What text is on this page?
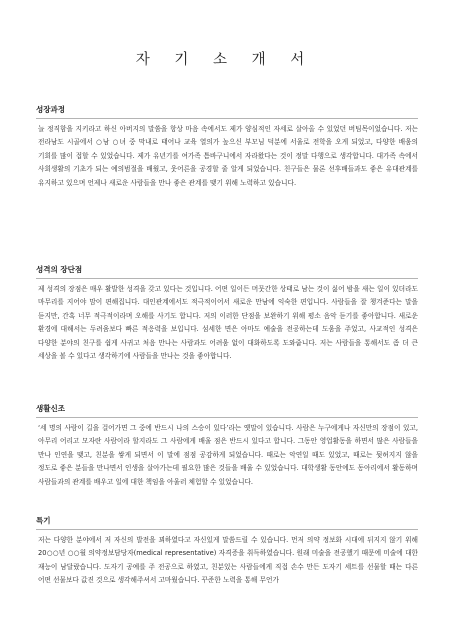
자 기 소 개 서
성장과정

늘 정직함을 지키라고 하신 아버지의 말씀을 항상 마음 속에서도 제가 양심적인 자세로 살아올 수 있었던 버팀목이었습니다. 저는 전라남도 시골에서 ○남 ○녀 중 막내로 태어나 교육 열의가 높으신 부모님 덕분에 서울로 전학을 오게 되었고, 다양한 배움의 기회를 많이 접할 수 있었습니다. 제가 유년기를 여가족 틈바구니에서 자라왔다는 것이 정말 다행으로 생각합니다. 대가족 속에서 사회생활의 기초가 되는 예의범절을 배웠고, 웃어른을 공경할 줄 알게 되었습니다. 친구들은 물론 선후배들과도 좋은 유대관계를 유지하고 있으며 언제나 새로운 사람들을 만나 좋은 관계를 맺기 위해 노력하고 있습니다.

성격의 장단점

제 성격의 장점은 매우 활발한 성격을 갖고 있다는 것입니다. 어떤 일이든 머뭇간한 상태로 남는 것이 싫어 밤을 새는 일이 있더라도 마무리를 지어야 맘이 편해집니다. 대인관계에서도 적극적이어서 새로운 만남에 익숙한 편입니다. 사람들을 잘 챙겨준다는 말을 듣지만, 간혹 너무 적극적이라며 오해를 사기도 합니다. 저의 이러한 단점을 보완하기 위해 평소 음악 듣기를 좋아합니다. 새로운 환경에 대해서는 두려움보다 빠른 적응력을 보입니다. 섬세한 면은 아마도 예술을 전공하는데 도움을 주었고, 사교적인 성격은 다양한 분야의 친구를 쉽게 사귀고 처음 만나는 사람과도 어려움 없이 대화하도록 도와줍니다. 저는 사람들을 통해서도 좀 더 큰 세상을 볼 수 있다고 생각하기에 사람들을 만나는 것을 좋아합니다.

생활신조

‘세 명의 사람이 길을 걸어가면 그 중에 반드시 나의 스승이 있다’라는 옛말이 있습니다. 사람은 누구에게나 자신만의 장점이 있고, 아무리 어리고 모자란 사람이라 할지라도 그 사람에게 배울 점은 반드시 있다고 합니다. 그동안 영업활동을 하면서 많은 사람들을 만나 인연을 맺고, 친분을 쌓게 되면서 이 말에 점점 공감하게 되었습니다. 때로는 악연일 때도 있었고, 때로는 뒷허지지 않을 정도로 좋은 분들을 만나면서 인생을 살아가는데 필요한 많은 것들을 배울 수 있었습니다. 대학생활 동안에도 동아리에서 활동하며 사람들과의 관계를 배우고 일에 대한 책임을 아울러 체험할 수 있었습니다.

특기

저는 다양한 분야에서 저 자신의 발전을 꾀하였다고 자신있게 말씀드릴 수 있습니다. 먼저 의약 정보화 시대에 뒤지지 않기 위해 20○○년 ○○월 의약정보담당자(medical representative) 자격증을 취득하였습니다. 원래 미술을 전공했기 때문에 미술에 대한 재능이 남달랐습니다. 도자기 공예를 주 전공으로 하였고, 친분있는 사람들에게 직접 손수 만든 도자기 세트를 선물할 때는 다른 어떤 선물보다 값진 것으로 생각해주셔서 고마웠습니다. 꾸준한 노력을 통해 무언가
